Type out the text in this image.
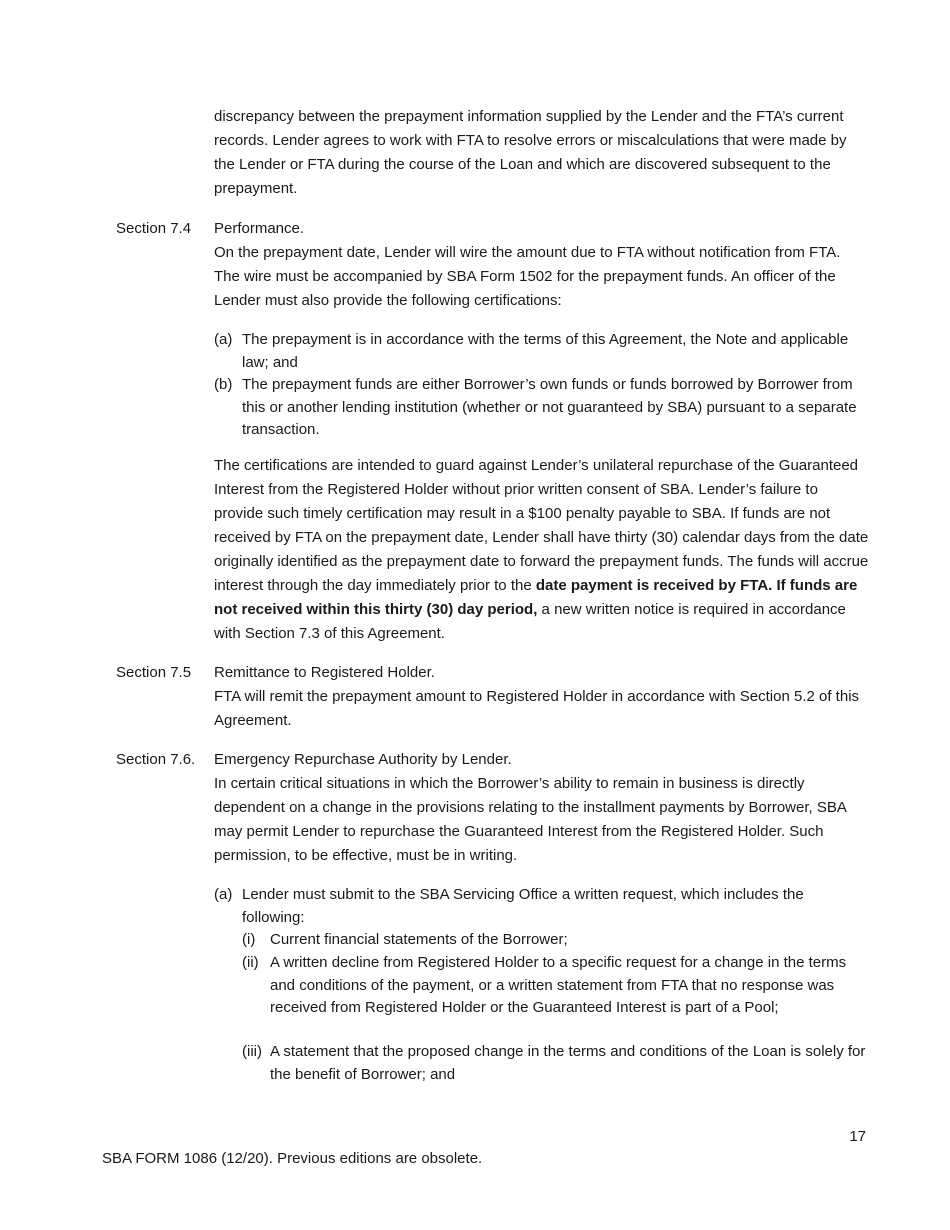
discrepancy between the prepayment information supplied by the Lender and the FTA’s current records. Lender agrees to work with FTA to resolve errors or miscalculations that were made by the Lender or FTA during the course of the Loan and which are discovered subsequent to the prepayment.

Section 7.4 Performance.

On the prepayment date, Lender will wire the amount due to FTA without notification from FTA. The wire must be accompanied by SBA Form 1502 for the prepayment funds. An officer of the Lender must also provide the following certifications:

(a) The prepayment is in accordance with the terms of this Agreement, the Note and applicable law; and
(b) The prepayment funds are either Borrower’s own funds or funds borrowed by Borrower from this or another lending institution (whether or not guaranteed by SBA) pursuant to a separate transaction.

The certifications are intended to guard against Lender’s unilateral repurchase of the Guaranteed Interest from the Registered Holder without prior written consent of SBA. Lender’s failure to provide such timely certification may result in a $100 penalty payable to SBA. If funds are not received by FTA on the prepayment date, Lender shall have thirty (30) calendar days from the date originally identified as the prepayment date to forward the prepayment funds. The funds will accrue interest through the day immediately prior to the date payment is received by FTA. If funds are not received within this thirty (30) day period, a new written notice is required in accordance with Section 7.3 of this Agreement.

Section 7.5 Remittance to Registered Holder.

FTA will remit the prepayment amount to Registered Holder in accordance with Section 5.2 of this Agreement.

Section 7.6. Emergency Repurchase Authority by Lender.

In certain critical situations in which the Borrower’s ability to remain in business is directly dependent on a change in the provisions relating to the installment payments by Borrower, SBA may permit Lender to repurchase the Guaranteed Interest from the Registered Holder. Such permission, to be effective, must be in writing.

(a) Lender must submit to the SBA Servicing Office a written request, which includes the following:
(i) Current financial statements of the Borrower;
(ii) A written decline from Registered Holder to a specific request for a change in the terms and conditions of the payment, or a written statement from FTA that no response was received from Registered Holder or the Guaranteed Interest is part of a Pool;
(iii) A statement that the proposed change in the terms and conditions of the Loan is solely for the benefit of Borrower; and
17
SBA FORM 1086 (12/20). Previous editions are obsolete.
